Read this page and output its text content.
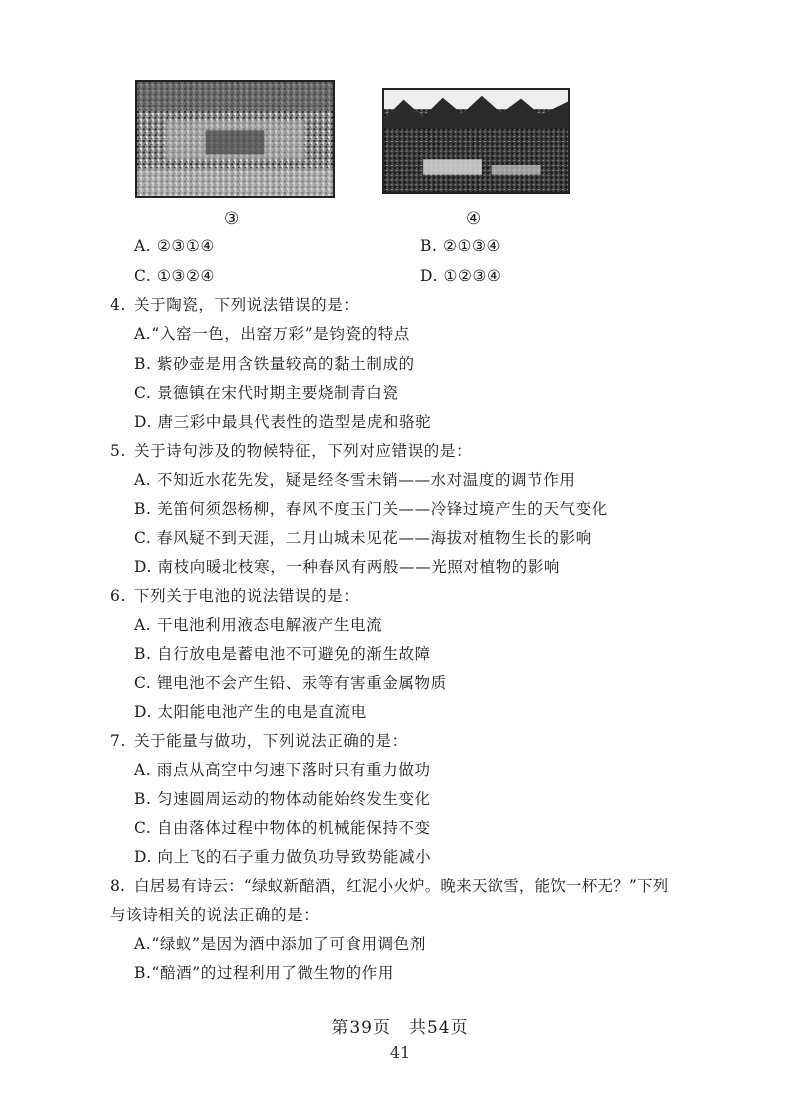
③	④
A. ②③①④	B. ②①③④
C. ①③②④	D. ①②③④
4. 关于陶瓷，下列说法错误的是：
A.“入窑一色，出窑万彩”是钧瓷的特点
B. 紫砂壶是用含铁量较高的黏土制成的
C. 景德镇在宋代时期主要烧制青白瓷
D. 唐三彩中最具代表性的造型是虎和骆驼
5. 关于诗句涉及的物候特征，下列对应错误的是：
A. 不知近水花先发，疑是经冬雪未销——水对温度的调节作用
B. 羌笛何须怨杨柳，春风不度玉门关——冷锋过境产生的天气变化
C. 春风疑不到天涯，二月山城未见花——海拔对植物生长的影响
D. 南枝向暖北枝寒，一种春风有两般——光照对植物的影响
6. 下列关于电池的说法错误的是：
A. 干电池利用液态电解液产生电流
B. 自行放电是蓄电池不可避免的渐生故障
C. 锂电池不会产生铅、汞等有害重金属物质
D. 太阳能电池产生的电是直流电
7. 关于能量与做功，下列说法正确的是：
A. 雨点从高空中匀速下落时只有重力做功
B. 匀速圆周运动的物体动能始终发生变化
C. 自由落体过程中物体的机械能保持不变
D. 向上飞的石子重力做负功导致势能减小
8. 白居易有诗云：“绿蚁新醅酒，红泥小火炉。晚来天欲雪，能饮一杯无？”下列
与该诗相关的说法正确的是：
A.“绿蚁”是因为酒中添加了可食用调色剂
B.“醅酒”的过程利用了微生物的作用
第39页　共54页
41
